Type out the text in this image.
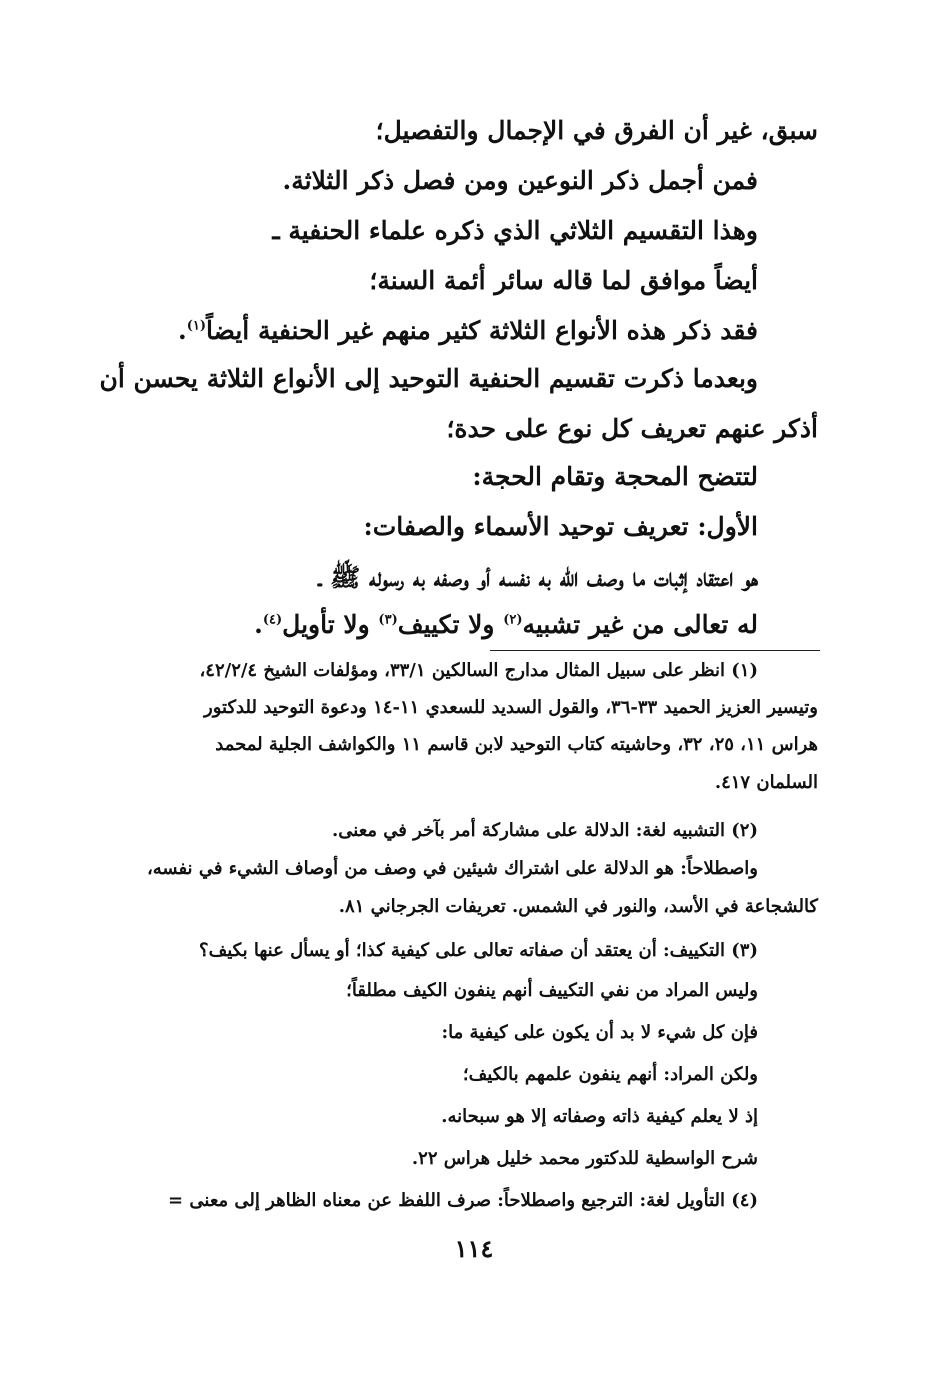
سبق، غير أن الفرق في الإجمال والتفصيل؛
فمن أجمل ذكر النوعين ومن فصل ذكر الثلاثة.
وهذا التقسيم الثلاثي الذي ذكره علماء الحنفية ـ
أيضاً موافق لما قاله سائر أئمة السنة؛
فقد ذكر هذه الأنواع الثلاثة كثير منهم غير الحنفية أيضاً$^{(١)}$.
وبعدما ذكرت تقسيم الحنفية التوحيد إلى الأنواع الثلاثة يحسن أن
أذكر عنهم تعريف كل نوع على حدة؛
لتتضح المحجة وتقام الحجة:
الأول: تعريف توحيد الأسماء والصفات:
هو اعتقاد إثبات ما وصف الله به نفسه أو وصفه به رسوله ﷺ ـ
له تعالى من غير تشبيه$^{(٢)}$ ولا تكييف$^{(٣)}$ ولا تأويل$^{(٤)}$.
(١) انظر على سبيل المثال مدارج السالكين ٣٣/١، ومؤلفات الشيخ ٤٢/٢/٤،
وتيسير العزيز الحميد ٣٣-٣٦، والقول السديد للسعدي ١١-١٤ ودعوة التوحيد للدكتور
هراس ١١، ٢٥، ٣٢، وحاشيته كتاب التوحيد لابن قاسم ١١ والكواشف الجلية لمحمد
السلمان ٤١٧.
(٢) التشبيه لغة: الدلالة على مشاركة أمر بآخر في معنى.
واصطلاحاً: هو الدلالة على اشتراك شيئين في وصف من أوصاف الشيء في نفسه،
كالشجاعة في الأسد، والنور في الشمس. تعريفات الجرجاني ٨١.
(٣) التكييف: أن يعتقد أن صفاته تعالى على كيفية كذا؛ أو يسأل عنها بكيف؟
وليس المراد من نفي التكييف أنهم ينفون الكيف مطلقاً؛
فإن كل شيء لا بد أن يكون على كيفية ما:
ولكن المراد: أنهم ينفون علمهم بالكيف؛
إذ لا يعلم كيفية ذاته وصفاته إلا هو سبحانه.
شرح الواسطية للدكتور محمد خليل هراس ٢٢.
(٤) التأويل لغة: الترجيع واصطلاحاً: صرف اللفظ عن معناه الظاهر إلى معنى =
١١٤
